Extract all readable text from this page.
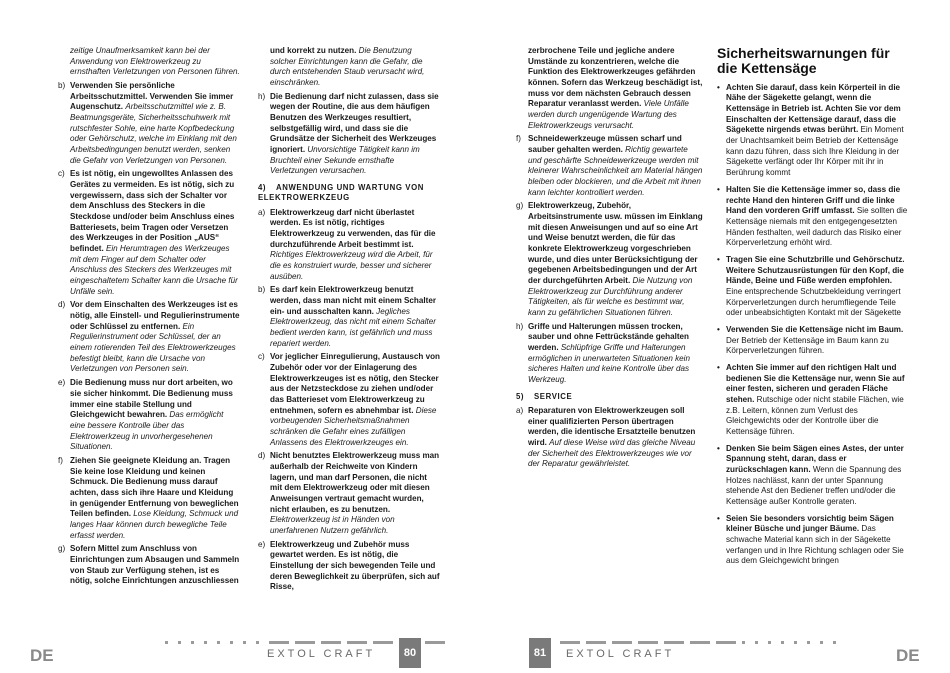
zeitige Unaufmerksamkeit kann bei der Anwendung von Elektrowerkzeug zu ernsthaften Verletzungen von Personen führen.
b) Verwenden Sie persönliche Arbeitsschutzmittel. Verwenden Sie immer Augenschutz. Arbeitsschutzmittel wie z. B. Beatmungsgeräte, Sicherheitsschuhwerk mit rutschfester Sohle, eine harte Kopfbedeckung oder Gehörschutz, welche im Einklang mit den Arbeitsbedingungen benutzt werden, senken die Gefahr von Verletzungen von Personen.
c) Es ist nötig, ein ungewolltes Anlassen des Gerätes zu vermeiden. Es ist nötig, sich zu vergewissern, dass sich der Schalter vor dem Anschluss des Steckers in die Steckdose und/oder beim Anschluss eines Batteriesets, beim Tragen oder Versetzen des Werkzeuges in der Position „AUS“ befindet. Ein Herumtragen des Werkzeuges mit dem Finger auf dem Schalter oder Anschluss des Steckers des Werkzeuges mit eingeschaltetem Schalter kann die Ursache für Unfälle sein.
d) Vor dem Einschalten des Werkzeuges ist es nötig, alle Einstell- und Regulierinstrumente oder Schlüssel zu entfernen. Ein Regulierinstrument oder Schlüssel, der an einem rotierenden Teil des Elektrowerkzeuges befestigt bleibt, kann die Ursache von Verletzungen von Personen sein.
e) Die Bedienung muss nur dort arbeiten, wo sie sicher hinkommt. Die Bedienung muss immer eine stabile Stellung und Gleichgewicht bewahren. Das ermöglicht eine bessere Kontrolle über das Elektrowerkzeug in unvorhergesehenen Situationen.
f) Ziehen Sie geeignete Kleidung an. Tragen Sie keine lose Kleidung und keinen Schmuck. Die Bedienung muss darauf achten, dass sich ihre Haare und Kleidung in genügender Entfernung von beweglichen Teilen befinden. Lose Kleidung, Schmuck und langes Haar können durch bewegliche Teile erfasst werden.
g) Sofern Mittel zum Anschluss von Einrichtungen zum Absaugen und Sammeln von Staub zur Verfügung stehen, ist es nötig, solche Einrichtungen anzuschliessen
und korrekt zu nutzen. Die Benutzung solcher Einrichtungen kann die Gefahr, die durch entstehenden Staub verursacht wird, einschränken.
h) Die Bedienung darf nicht zulassen, dass sie wegen der Routine, die aus dem häufigen Benutzen des Werkzeuges resultiert, selbstgefällig wird, und dass sie die Grundsätze der Sicherheit des Werkzeuges ignoriert. Unvorsichtige Tätigkeit kann im Bruchteil einer Sekunde ernsthafte Verletzungen verursachen.
4) ANWENDUNG UND WARTUNG VON ELEKTROWERKZEUG
a) Elektrowerkzeug darf nicht überlastet werden. Es ist nötig, richtiges Elektrowerkzeug zu verwenden, das für die durchzuführende Arbeit bestimmt ist. Richtiges Elektrowerkzeug wird die Arbeit, für die es konstruiert wurde, besser und sicherer ausüben.
b) Es darf kein Elektrowerkzeug benutzt werden, dass man nicht mit einem Schalter ein- und ausschalten kann. Jegliches Elektrowerkzeug, das nicht mit einem Schalter bedient werden kann, ist gefährlich und muss repariert werden.
c) Vor jeglicher Einregulierung, Austausch von Zubehör oder vor der Einlagerung des Elektrowerkzeuges ist es nötig, den Stecker aus der Netzsteckdose zu ziehen und/oder das Batterieset vom Elektrowerkzeug zu entnehmen, sofern es abnehmbar ist. Diese vorbeugenden Sicherheitsmaßnahmen schränken die Gefahr eines zufälligen Anlassens des Elektrowerkzeuges ein.
d) Nicht benutztes Elektrowerkzeug muss man außerhalb der Reichweite von Kindern lagern, und man darf Personen, die nicht mit dem Elektrowerkzeug oder mit diesen Anweisungen vertraut gemacht wurden, nicht erlauben, es zu benutzen. Elektrowerkzeug ist in Händen von unerfahrenen Nutzern gefährlich.
e) Elektrowerkzeug und Zubehör muss gewartet werden. Es ist nötig, die Einstellung der sich bewegenden Teile und deren Beweglichkeit zu überprüfen, sich auf Risse,
zerbrochene Teile und jegliche andere Umstände zu konzentrieren, welche die Funktion des Elektrowerkzeuges gefährden können. Sofern das Werkzeug beschädigt ist, muss vor dem nächsten Gebrauch dessen Reparatur veranlasst werden. Viele Unfälle werden durch ungenügende Wartung des Elektrowerkzeugs verursacht.
f) Schneidewerkzeuge müssen scharf und sauber gehalten werden. Richtig gewartete und geschärfte Schneidewerkzeuge werden mit kleinerer Wahrscheinlichkeit am Material hängen bleiben oder blockieren, und die Arbeit mit ihnen kann leichter kontrolliert werden.
g) Elektrowerkzeug, Zubehör, Arbeitsinstrumente usw. müssen im Einklang mit diesen Anweisungen und auf so eine Art und Weise benutzt werden, die für das konkrete Elektrowerkzeug vorgeschrieben wurde, und dies unter Berücksichtigung der gegebenen Arbeitsbedingungen und der Art der durchgeführten Arbeit. Die Nutzung von Elektrowerkzeug zur Durchführung anderer Tätigkeiten, als für welche es bestimmt war, kann zu gefährlichen Situationen führen.
h) Griffe und Halterungen müssen trocken, sauber und ohne Fettrückstände gehalten werden. Schlüpfrige Griffe und Halterungen ermöglichen in unerwarteten Situationen kein sicheres Halten und keine Kontrolle über das Werkzeug.
5) SERVICE
a) Reparaturen von Elektrowerkzeugen soll einer qualifizierten Person übertragen werden, die identische Ersatzteile benutzen wird. Auf diese Weise wird das gleiche Niveau der Sicherheit des Elektrowerkzeuges wie vor der Reparatur gewährleistet.
Sicherheitswarnungen für die Kettensäge
• Achten Sie darauf, dass kein Körperteil in die Nähe der Sägekette gelangt, wenn die Kettensäge in Betrieb ist. Achten Sie vor dem Einschalten der Kettensäge darauf, dass die Sägekette nirgends etwas berührt. Ein Moment der Unachtsamkeit beim Betrieb der Kettensäge kann dazu führen, dass sich Ihre Kleidung in der Sägekette verfängt oder Ihr Körper mit ihr in Berührung kommt
• Halten Sie die Kettensäge immer so, dass die rechte Hand den hinteren Griff und die linke Hand den vorderen Griff umfasst. Sie sollten die Kettensäge niemals mit den entgegengesetzten Händen festhalten, weil dadurch das Risiko einer Körperverletzung erhöht wird.
• Tragen Sie eine Schutzbrille und Gehörschutz. Weitere Schutzausrüstungen für den Kopf, die Hände, Beine und Füße werden empfohlen. Eine entsprechende Schutzbekleidung verringert Körperverletzungen durch herumfliegende Teile oder unbeabsichtigten Kontakt mit der Sägekette
• Verwenden Sie die Kettensäge nicht im Baum. Der Betrieb der Kettensäge im Baum kann zu Körperverletzungen führen.
• Achten Sie immer auf den richtigen Halt und bedienen Sie die Kettensäge nur, wenn Sie auf einer festen, sicheren und geraden Fläche stehen. Rutschige oder nicht stabile Flächen, wie z.B. Leitern, können zum Verlust des Gleichgewichts oder der Kontrolle über die Kettensäge führen.
• Denken Sie beim Sägen eines Astes, der unter Spannung steht, daran, dass er zurückschlagen kann. Wenn die Spannung des Holzes nachlässt, kann der unter Spannung stehende Ast den Bediener treffen und/oder die Kettensäge außer Kontrolle geraten.
• Seien Sie besonders vorsichtig beim Sägen kleiner Büsche und junger Bäume. Das schwache Material kann sich in der Sägekette verfangen und in Ihre Richtung schlagen oder Sie aus dem Gleichgewicht bringen
DE	EXTOL CRAFT	80	81	EXTOL CRAFT	DE
